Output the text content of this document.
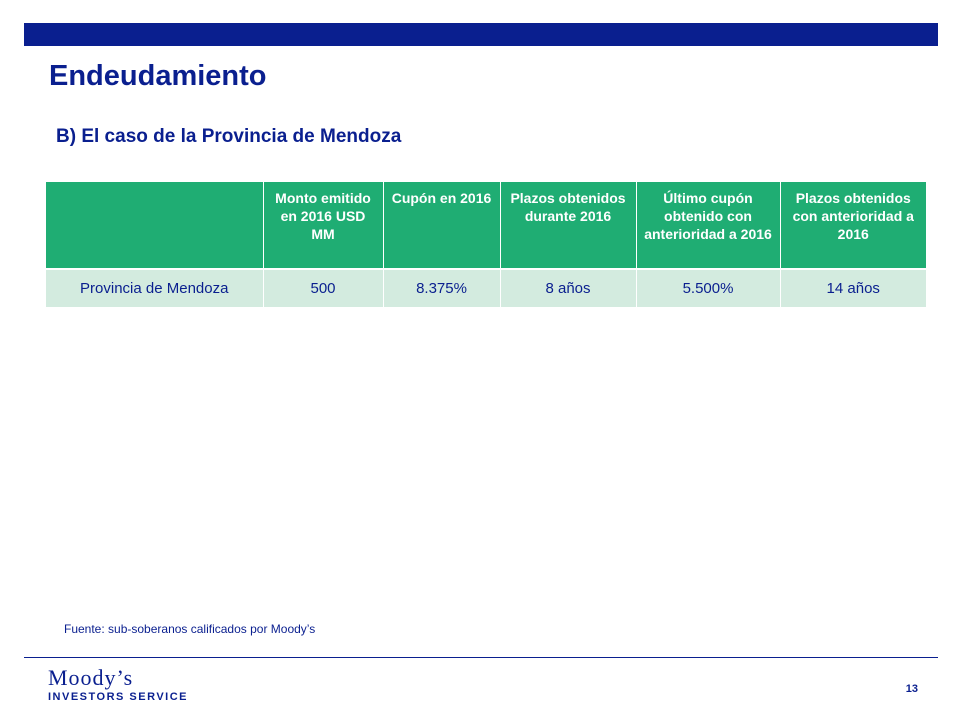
Endeudamiento
B) El caso de la Provincia de Mendoza
	Monto emitido en 2016 USD MM	Cupón en 2016	Plazos obtenidos durante 2016	Último cupón obtenido con anterioridad a 2016	Plazos obtenidos con anterioridad a 2016
Provincia de Mendoza	500	8.375%	8 años	5.500%	14 años
Fuente: sub-soberanos calificados por Moody’s
Moody’s
INVESTORS SERVICE
13
